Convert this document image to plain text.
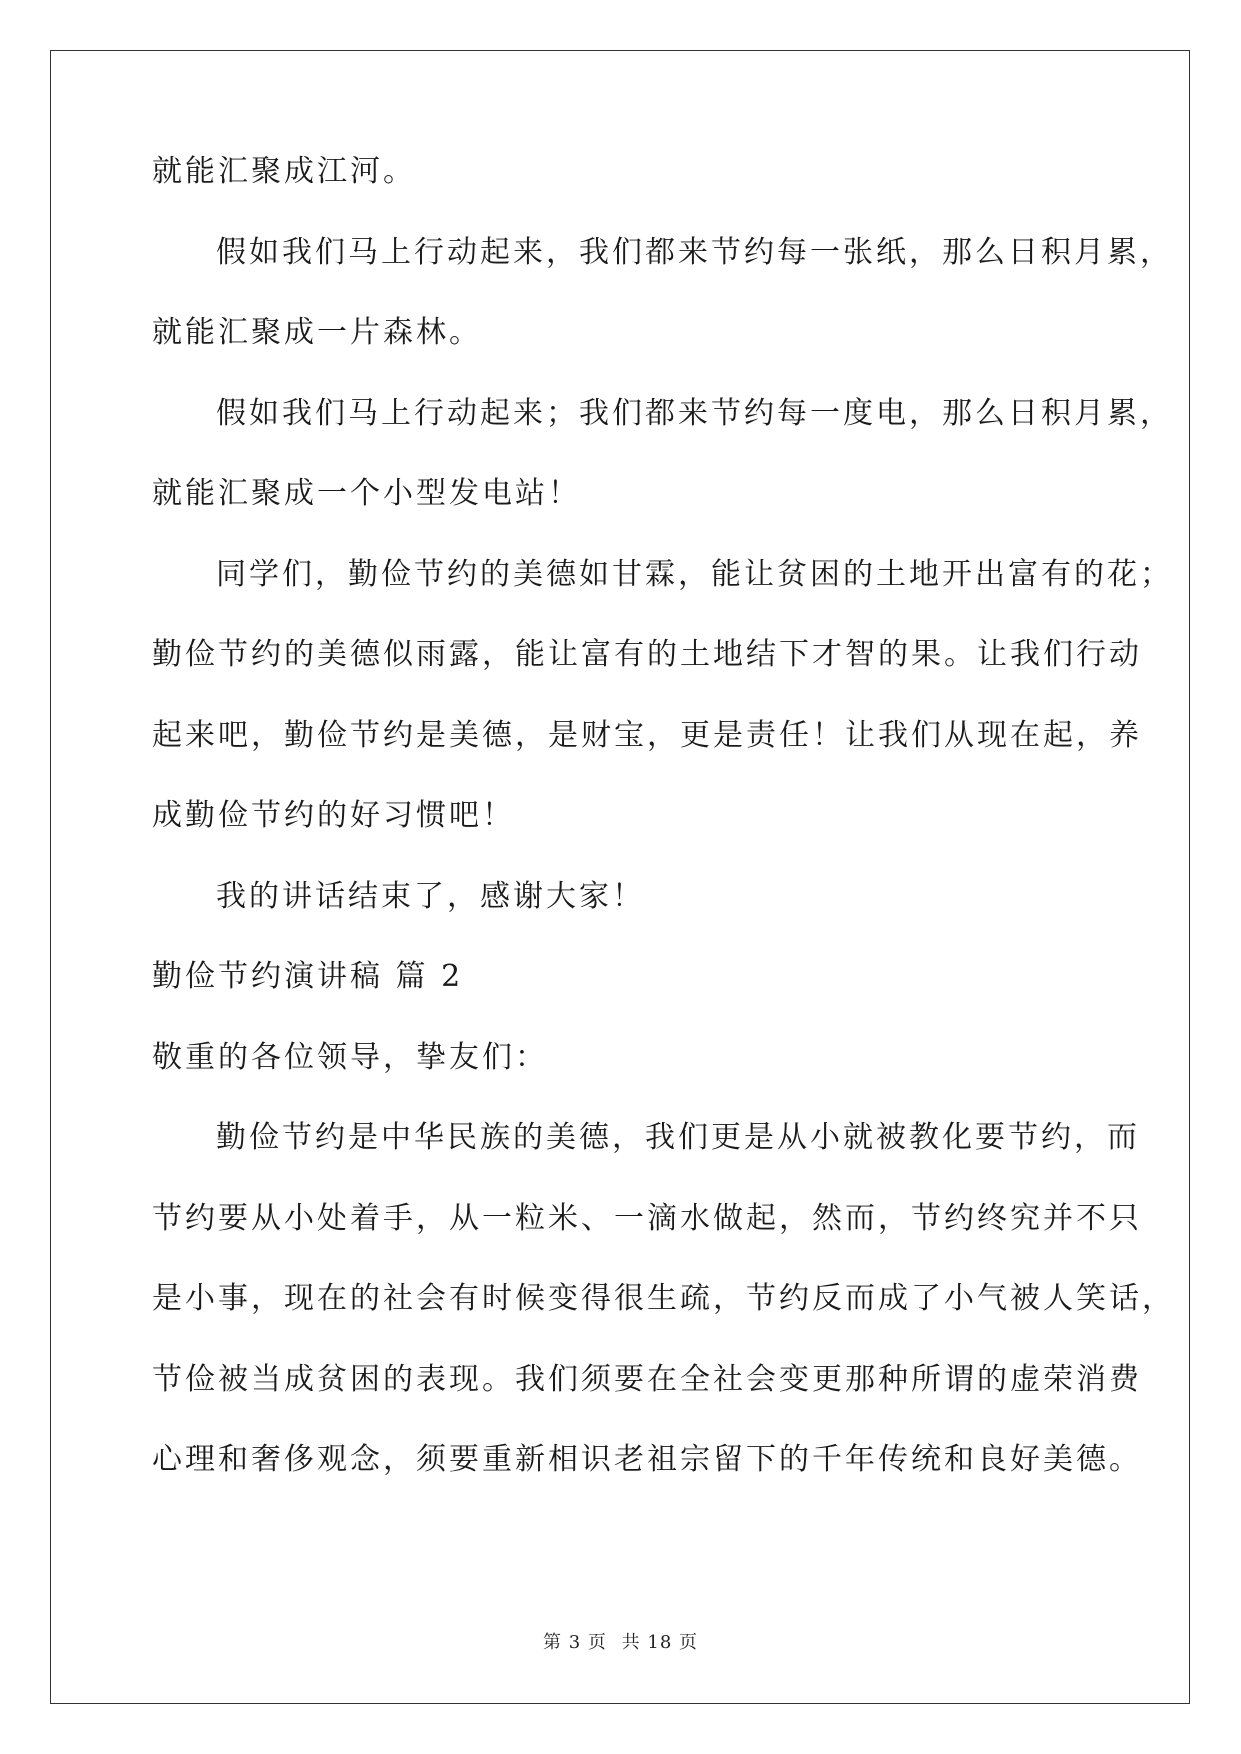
就能汇聚成江河。
假如我们马上行动起来，我们都来节约每一张纸，那么日积月累，
就能汇聚成一片森林。
假如我们马上行动起来；我们都来节约每一度电，那么日积月累，
就能汇聚成一个小型发电站！
同学们，勤俭节约的美德如甘霖，能让贫困的土地开出富有的花；
勤俭节约的美德似雨露，能让富有的土地结下才智的果。让我们行动
起来吧，勤俭节约是美德，是财宝，更是责任！让我们从现在起，养
成勤俭节约的好习惯吧！
我的讲话结束了，感谢大家！
勤俭节约演讲稿 篇 2
敬重的各位领导，挚友们：
勤俭节约是中华民族的美德，我们更是从小就被教化要节约，而
节约要从小处着手，从一粒米、一滴水做起，然而，节约终究并不只
是小事，现在的社会有时候变得很生疏，节约反而成了小气被人笑话，
节俭被当成贫困的表现。我们须要在全社会变更那种所谓的虚荣消费
心理和奢侈观念，须要重新相识老祖宗留下的千年传统和良好美德。
第 3 页 共 18 页
